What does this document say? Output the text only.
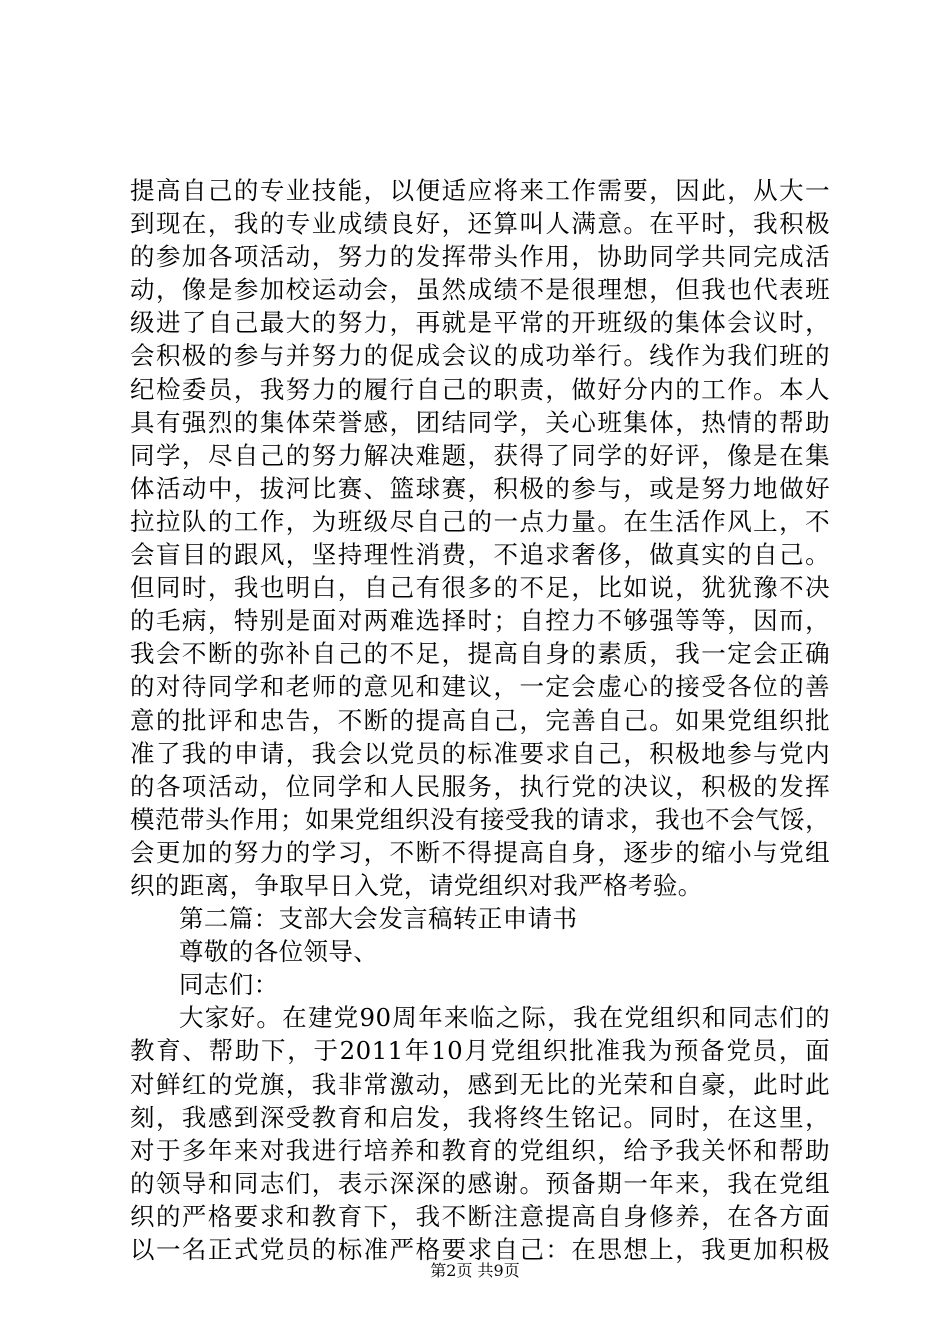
提高自己的专业技能，以便适应将来工作需要，因此，从大一
到现在，我的专业成绩良好，还算叫人满意。在平时，我积极
的参加各项活动，努力的发挥带头作用，协助同学共同完成活
动，像是参加校运动会，虽然成绩不是很理想，但我也代表班
级进了自己最大的努力，再就是平常的开班级的集体会议时，
会积极的参与并努力的促成会议的成功举行。线作为我们班的
纪检委员，我努力的履行自己的职责，做好分内的工作。本人
具有强烈的集体荣誉感，团结同学，关心班集体，热情的帮助
同学，尽自己的努力解决难题，获得了同学的好评，像是在集
体活动中，拔河比赛、篮球赛，积极的参与，或是努力地做好
拉拉队的工作，为班级尽自己的一点力量。在生活作风上，不
会盲目的跟风，坚持理性消费，不追求奢侈，做真实的自己。
但同时，我也明白，自己有很多的不足，比如说，犹犹豫不决
的毛病，特别是面对两难选择时；自控力不够强等等，因而，
我会不断的弥补自己的不足，提高自身的素质，我一定会正确
的对待同学和老师的意见和建议，一定会虚心的接受各位的善
意的批评和忠告，不断的提高自己，完善自己。如果党组织批
准了我的申请，我会以党员的标准要求自己，积极地参与党内
的各项活动，位同学和人民服务，执行党的决议，积极的发挥
模范带头作用；如果党组织没有接受我的请求，我也不会气馁，
会更加的努力的学习，不断不得提高自身，逐步的缩小与党组
织的距离，争取早日入党，请党组织对我严格考验。
第二篇：支部大会发言稿转正申请书
尊敬的各位领导、
同志们：
大家好。在建党90周年来临之际，我在党组织和同志们的
教育、帮助下，于2011年10月党组织批准我为预备党员，面
对鲜红的党旗，我非常激动，感到无比的光荣和自豪，此时此
刻，我感到深受教育和启发，我将终生铭记。同时，在这里，
对于多年来对我进行培养和教育的党组织，给予我关怀和帮助
的领导和同志们，表示深深的感谢。预备期一年来，我在党组
织的严格要求和教育下，我不断注意提高自身修养，在各方面
以一名正式党员的标准严格要求自己：在思想上，我更加积极
第2页 共9页
